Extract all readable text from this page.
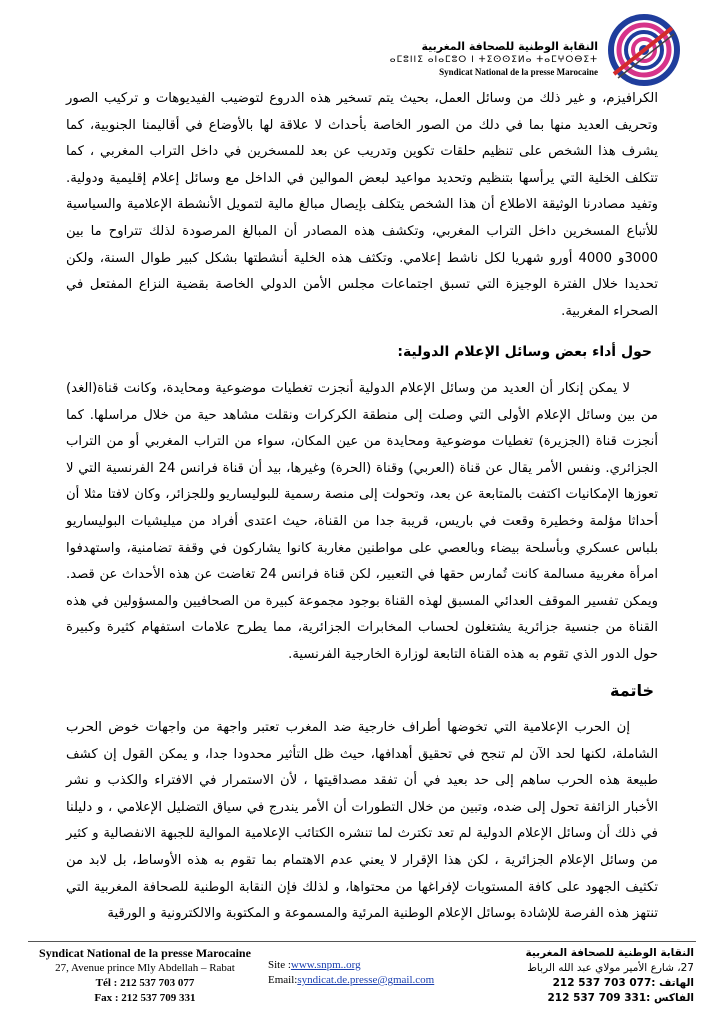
النقابة الوطنية للصحافة المغربية
ⴰⵎⵓⵏⵏⵉ ⴰⵏⴰⵎⵓⵔ ⵏ ⵜⵉⵙⵙⵉⵍⴰ ⵜⴰⵎⵖⵔⴱⵉⵜ
Syndicat National de la presse Marocaine

الكرافيزم، و غير ذلك من وسائل العمل، بحيث يتم تسخير هذه الدروع لتوضيب الفيديوهات و تركيب الصور وتحريف العديد منها بما في دلك من الصور الخاصة بأحداث لا علاقة لها بالأوضاع في أقاليمنا الجنوبية، كما يشرف هذا الشخص على تنظيم حلقات تكوين وتدريب عن بعد للمسخرين في داخل التراب المغربي ، كما تتكلف الخلية التي يرأسها بتنظيم وتحديد مواعيد لبعض الموالين في الداخل مع وسائل إعلام إقليمية ودولية. وتفيد مصادرنا الوثيقة الاطلاع أن هذا الشخص يتكلف بإيصال مبالغ مالية لتمويل الأنشطة الإعلامية والسياسية للأتباع المسخرين داخل التراب المغربي، وتكشف هذه المصادر أن المبالغ المرصودة لذلك تتراوح ما بين 3000و 4000 أورو شهريا لكل ناشط إعلامي. وتكثف هذه الخلية أنشطتها بشكل كبير طوال السنة، ولكن تحديدا خلال الفترة الوجيزة التي تسبق اجتماعات مجلس الأمن الدولي الخاصة بقضية النزاع المفتعل في الصحراء المغربية.

حول أداء بعض وسائل الإعلام الدولية:

لا يمكن إنكار أن العديد من وسائل الإعلام الدولية أنجزت تغطيات موضوعية ومحايدة، وكانت قناة(الغد) من بين وسائل الإعلام الأولى التي وصلت إلى منطقة الكركرات ونقلت مشاهد حية من خلال مراسلها. كما أنجزت قناة (الجزيرة) تغطيات موضوعية ومحايدة من عين المكان، سواء من التراب المغربي أو من التراب الجزائري. ونفس الأمر يقال عن قناة (العربي) وقناة (الحرة) وغيرها، بيد أن قناة فرانس 24 الفرنسية التي لا تعوزها الإمكانيات اكتفت بالمتابعة عن بعد، وتحولت إلى منصة رسمية للبوليساريو وللجزائر، وكان لافتا مثلا أن أحداثا مؤلمة وخطيرة وقعت في باريس، قريبة جدا من القناة، حيث اعتدى أفراد من ميليشيات البوليساريو بلباس عسكري وبأسلحة بيضاء وبالعصي على مواطنين مغاربة كانوا يشاركون في وقفة تضامنية، واستهدفوا امرأة مغربية مسالمة كانت تُمارس حقها في التعبير، لكن قناة فرانس 24 تغاضت عن هذه الأحداث عن قصد. ويمكن تفسير الموقف العدائي المسبق لهذه القناة بوجود مجموعة كبيرة من الصحافيين والمسؤولين في هذه القناة من جنسية جزائرية يشتغلون لحساب المخابرات الجزائرية، مما يطرح علامات استفهام كثيرة وكبيرة حول الدور الذي تقوم به هذه القناة التابعة لوزارة الخارجية الفرنسية.

خاتمة

إن الحرب الإعلامية التي تخوضها أطراف خارجية ضد المغرب تعتبر واجهة من واجهات خوض الحرب الشاملة، لكنها لحد الآن لم تنجح في تحقيق أهدافها، حيث ظل التأثير محدودا جدا، و يمكن القول إن كشف طبيعة هذه الحرب ساهم إلى حد بعيد في أن تفقد مصداقيتها ، لأن الاستمرار في الافتراء والكذب و نشر الأخبار الزائفة تحول إلى ضده، وتبين من خلال التطورات أن الأمر يندرج في سياق التضليل الإعلامي ، و دليلنا في ذلك أن وسائل الإعلام الدولية لم تعد تكترث لما تنشره الكتائب الإعلامية الموالية للجبهة الانفصالية و كثير من وسائل الإعلام الجزائرية ، لكن هذا الإقرار لا يعني عدم الاهتمام بما تقوم به هذه الأوساط، بل لابد من تكثيف الجهود على كافة المستويات لإفراغها من محتواها، و لذلك فإن النقابة الوطنية للصحافة المغربية التي تنتهز هذه الفرصة للإشادة بوسائل الإعلام الوطنية المرئية والمسموعة و المكتوبة والالكترونية و الورقية

Syndicat National de la presse Marocaine
27, Avenue prince Mly Abdellah – Rabat
Tél : 212 537 703 077
Fax : 212 537 709 331
Site :www.snpm..org
Email:syndicat.de.presse@gmail.com
النقابة الوطنية للصحافة المغربية
27، شارع الأمير مولاي عبد الله الرباط
الهاتف :077 703 537 212
الفاكس :331 709 537 212
